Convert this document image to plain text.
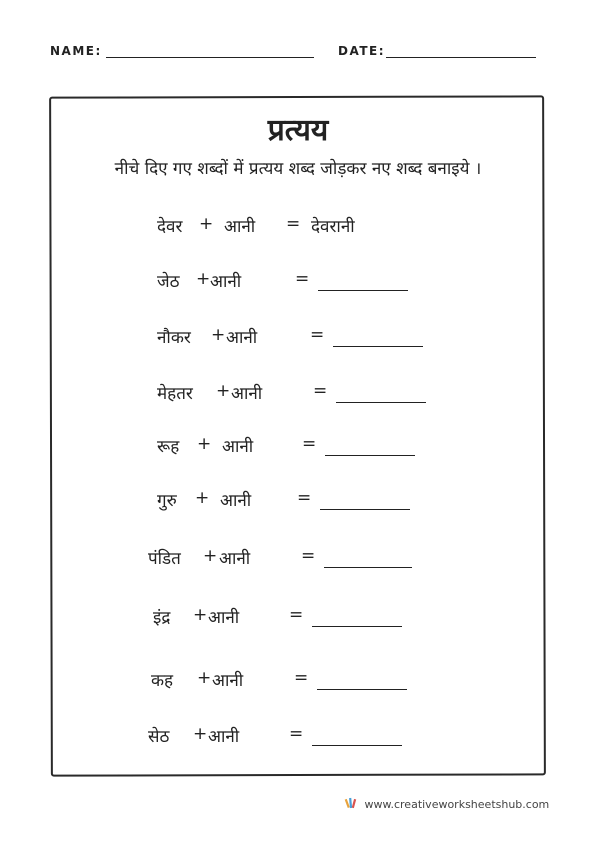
NAME:	DATE:
प्रत्यय
नीचे दिए गए शब्दों में प्रत्यय शब्द जोड़कर नए शब्द बनाइये ।
देवर + आनी = देवरानी
जेठ + आनी	=
नौकर + आनी	=
मेहतर + आनी	=
रूह + आनी	=
गुरु + आनी	=
पंडित + आनी	=
इंद्र + आनी	=
कह + आनी	=
सेठ + आनी	=
www.creativeworksheetshub.com
